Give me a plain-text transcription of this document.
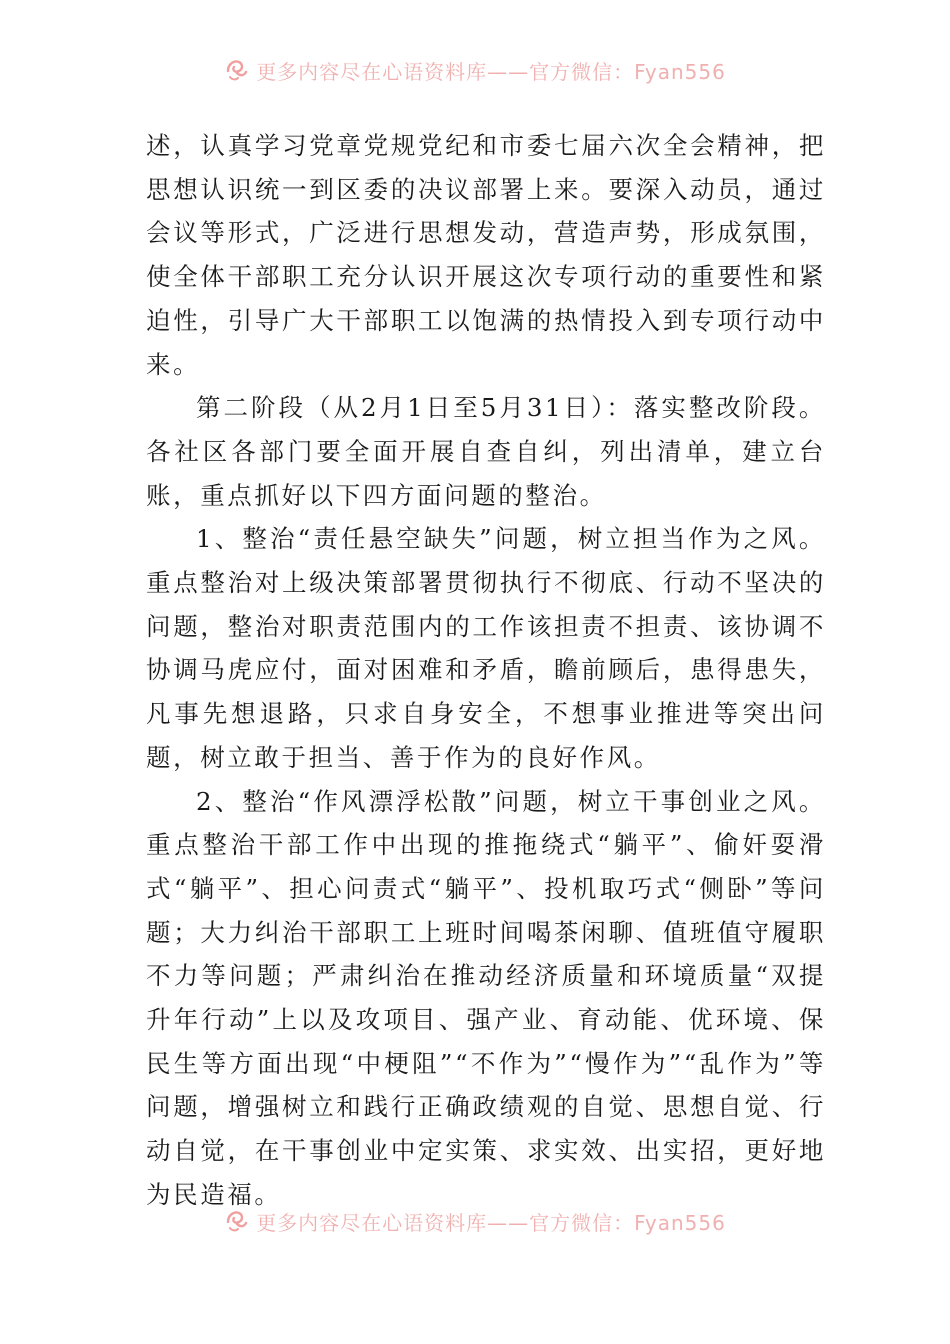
更多内容尽在心语资料库——官方微信：Fyan556

述，认真学习党章党规党纪和市委七届六次全会精神，把思想认识统一到区委的决议部署上来。要深入动员，通过会议等形式，广泛进行思想发动，营造声势，形成氛围，使全体干部职工充分认识开展这次专项行动的重要性和紧迫性，引导广大干部职工以饱满的热情投入到专项行动中来。

第二阶段（从2月1日至5月31日）：落实整改阶段。各社区各部门要全面开展自查自纠，列出清单，建立台账，重点抓好以下四方面问题的整治。

1、整治“责任悬空缺失”问题，树立担当作为之风。重点整治对上级决策部署贯彻执行不彻底、行动不坚决的问题，整治对职责范围内的工作该担责不担责、该协调不协调马虎应付，面对困难和矛盾，瞻前顾后，患得患失，凡事先想退路，只求自身安全，不想事业推进等突出问题，树立敢于担当、善于作为的良好作风。

2、整治“作风漂浮松散”问题，树立干事创业之风。重点整治干部工作中出现的推拖绕式“躺平”、偷奸耍滑式“躺平”、担心问责式“躺平”、投机取巧式“侧卧”等问题；大力纠治干部职工上班时间喝茶闲聊、值班值守履职不力等问题；严肃纠治在推动经济质量和环境质量“双提升年行动”上以及攻项目、强产业、育动能、优环境、保民生等方面出现“中梗阻”“不作为”“慢作为”“乱作为”等问题，增强树立和践行正确政绩观的自觉、思想自觉、行动自觉，在干事创业中定实策、求实效、出实招，更好地为民造福。

更多内容尽在心语资料库——官方微信：Fyan556
